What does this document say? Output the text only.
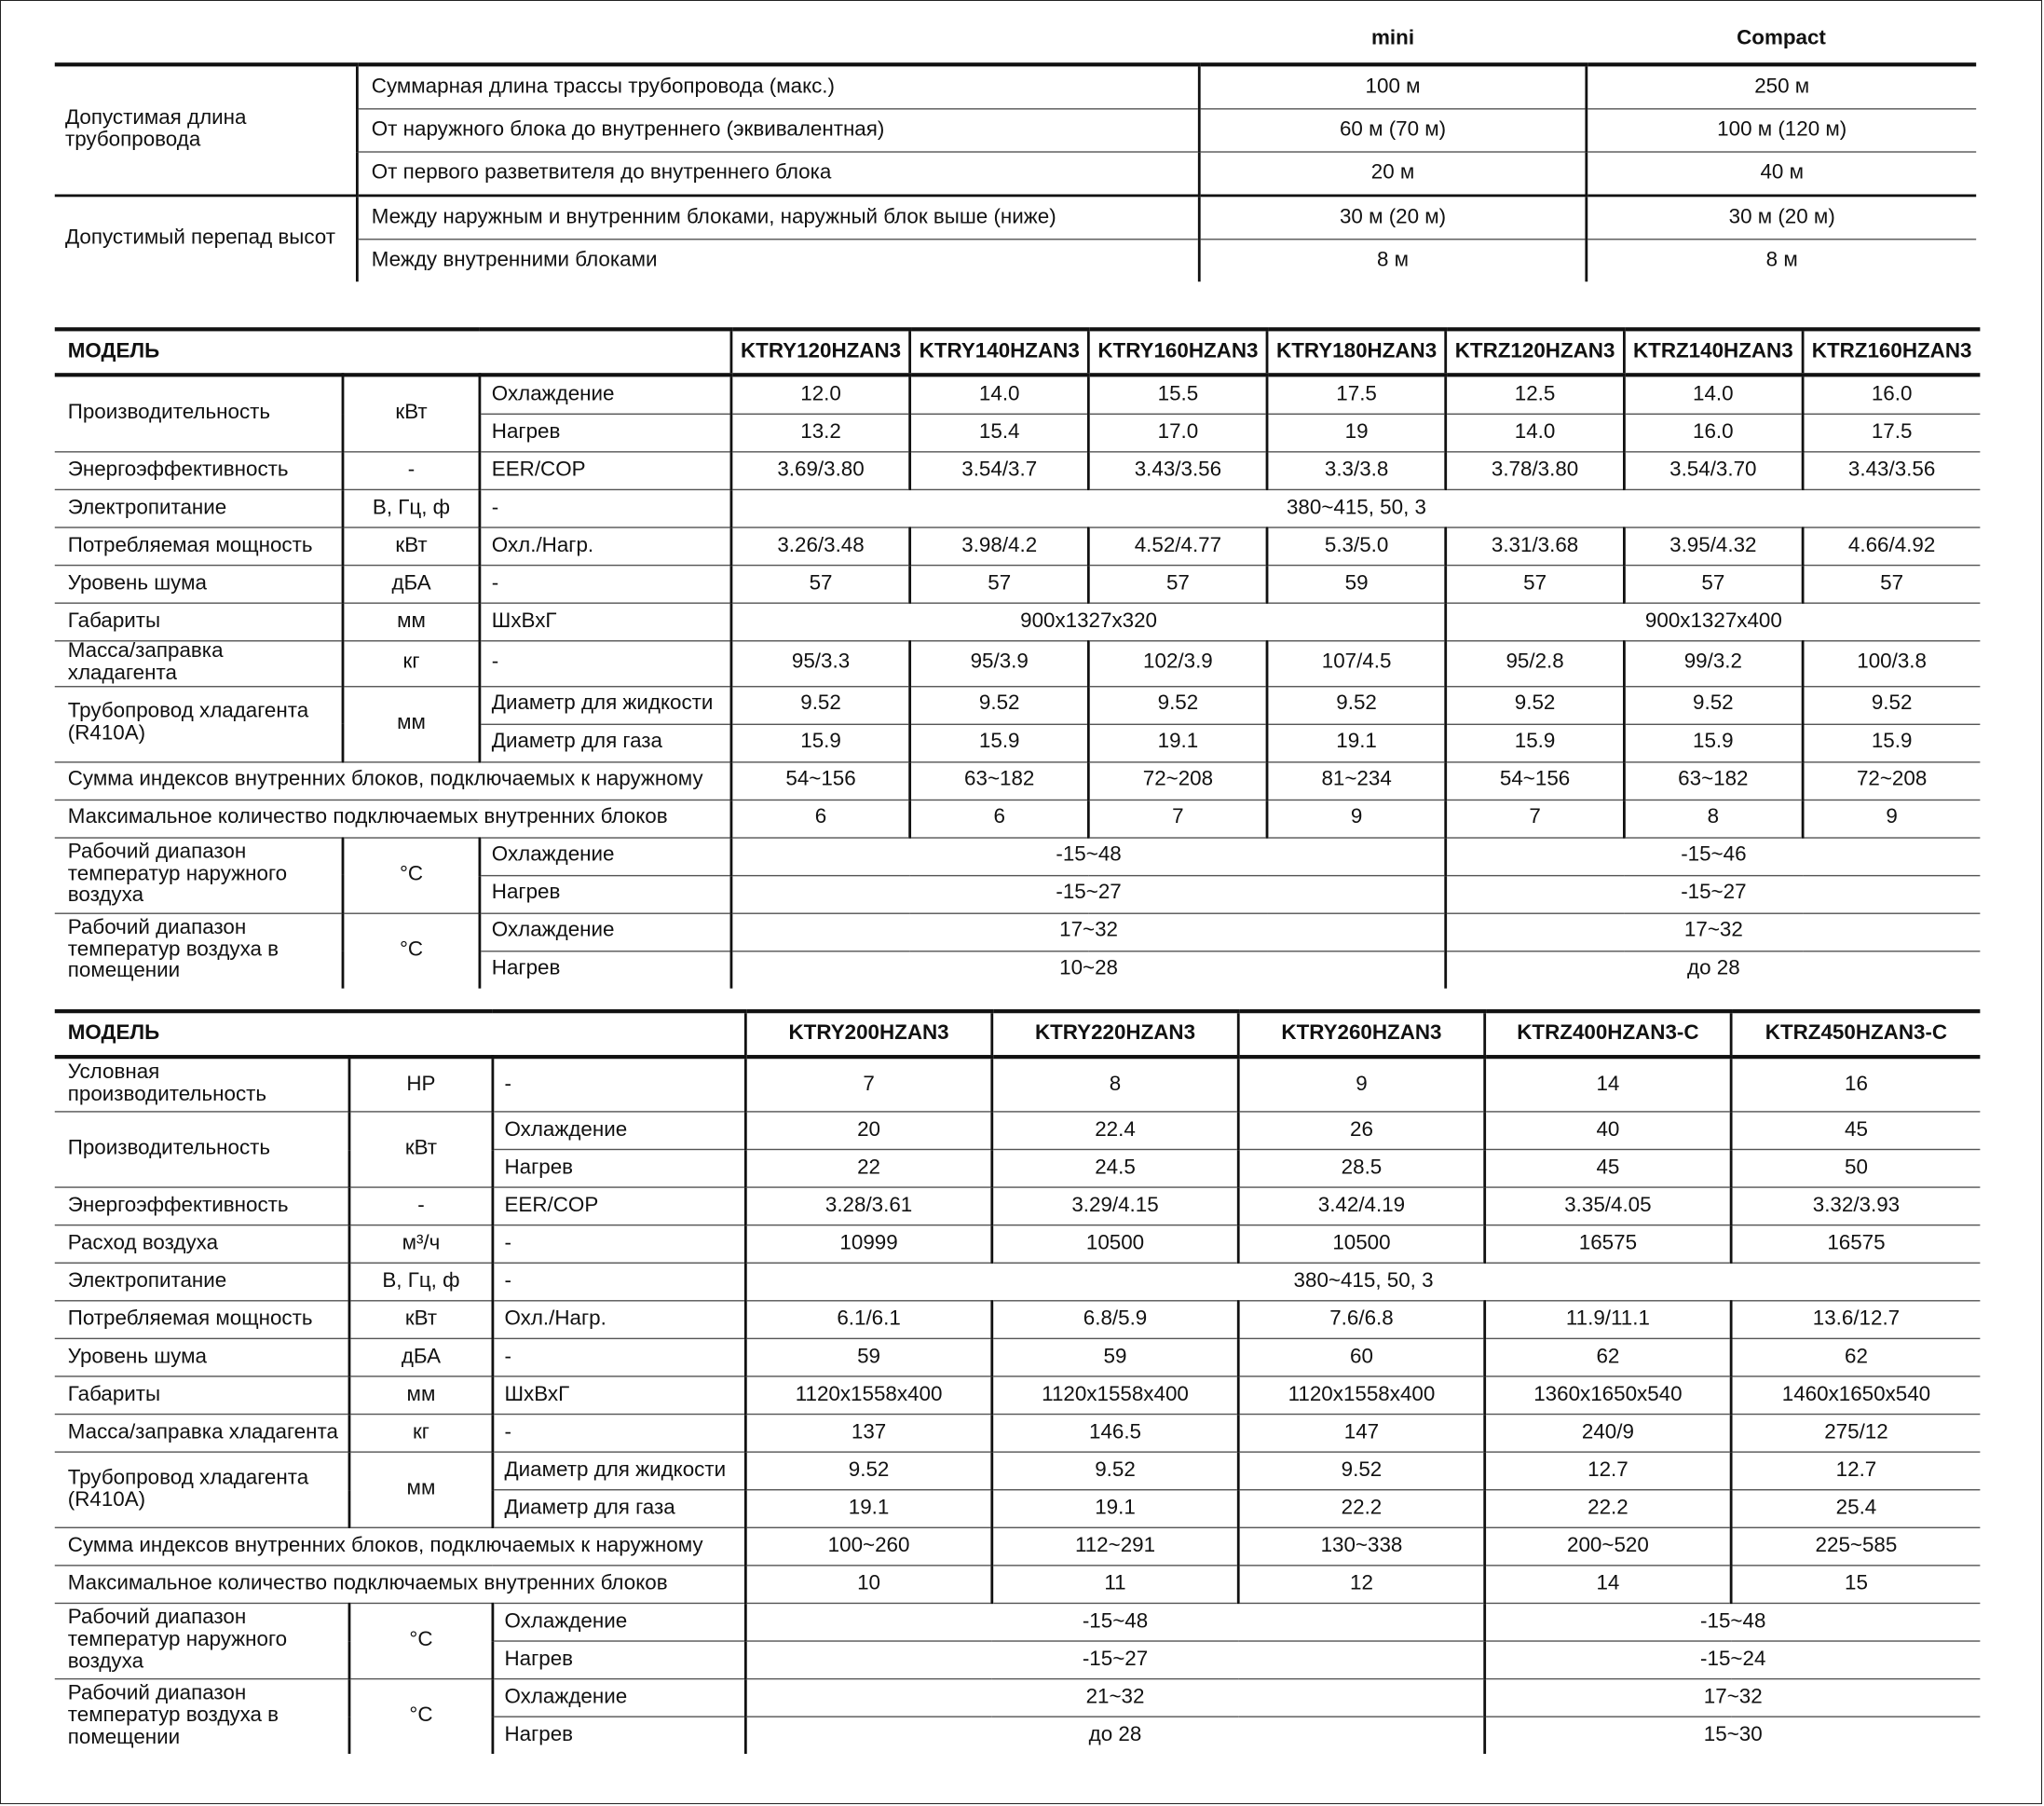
		mini	Compact
Допустимая длина трубопровода	Суммарная длина трассы трубопровода (макс.)	100 м	250 м
	От наружного блока до внутреннего (эквивалентная)	60 м (70 м)	100 м (120 м)
	От первого разветвителя до внутреннего блока	20 м	40 м
Допустимый перепад высот	Между наружным и внутренним блоками, наружный блок выше (ниже)	30 м (20 м)	30 м (20 м)
	Между внутренними блоками	8 м	8 м
МОДЕЛЬ			KTRY120HZAN3	KTRY140HZAN3	KTRY160HZAN3	KTRY180HZAN3	KTRZ120HZAN3	KTRZ140HZAN3	KTRZ160HZAN3
Производительность	кВт	Охлаждение	12.0	14.0	15.5	17.5	12.5	14.0	16.0
		Нагрев	13.2	15.4	17.0	19	14.0	16.0	17.5
Энергоэффективность	-	EER/COP	3.69/3.80	3.54/3.7	3.43/3.56	3.3/3.8	3.78/3.80	3.54/3.70	3.43/3.56
Электропитание	В, Гц, ф	-	380~415, 50, 3						
Потребляемая мощность	кВт	Охл./Нагр.	3.26/3.48	3.98/4.2	4.52/4.77	5.3/5.0	3.31/3.68	3.95/4.32	4.66/4.92
Уровень шума	дБА	-	57	57	57	59	57	57	57
Габариты	мм	ШхВхГ	900x1327x320				900x1327x400		
Масса/заправка хладагента	кг	-	95/3.3	95/3.9	102/3.9	107/4.5	95/2.8	99/3.2	100/3.8
Трубопровод хладагента (R410A)	мм	Диаметр для жидкости	9.52	9.52	9.52	9.52	9.52	9.52	9.52
		Диаметр для газа	15.9	15.9	19.1	19.1	15.9	15.9	15.9
Сумма индексов внутренних блоков, подключаемых к наружному			54~156	63~182	72~208	81~234	54~156	63~182	72~208
Максимальное количество подключаемых внутренних блоков			6	6	7	9	7	8	9
Рабочий диапазон температур наружного воздуха	°C	Охлаждение	-15~48				-15~46		
		Нагрев	-15~27				-15~27		
Рабочий диапазон температур воздуха в помещении	°C	Охлаждение	17~32				17~32		
		Нагрев	10~28				до 28		
МОДЕЛЬ			KTRY200HZAN3	KTRY220HZAN3	KTRY260HZAN3	KTRZ400HZAN3-C	KTRZ450HZAN3-C
Условная производительность	HP	-	7	8	9	14	16
Производительность	кВт	Охлаждение	20	22.4	26	40	45
		Нагрев	22	24.5	28.5	45	50
Энергоэффективность	-	EER/COP	3.28/3.61	3.29/4.15	3.42/4.19	3.35/4.05	3.32/3.93
Расход воздуха	м³/ч	-	10999	10500	10500	16575	16575
Электропитание	В, Гц, ф	-	380~415, 50, 3				
Потребляемая мощность	кВт	Охл./Нагр.	6.1/6.1	6.8/5.9	7.6/6.8	11.9/11.1	13.6/12.7
Уровень шума	дБА	-	59	59	60	62	62
Габариты	мм	ШхВхГ	1120x1558x400	1120x1558x400	1120x1558x400	1360x1650x540	1460x1650x540
Масса/заправка хладагента	кг	-	137	146.5	147	240/9	275/12
Трубопровод хладагента (R410A)	мм	Диаметр для жидкости	9.52	9.52	9.52	12.7	12.7
		Диаметр для газа	19.1	19.1	22.2	22.2	25.4
Сумма индексов внутренних блоков, подключаемых к наружному			100~260	112~291	130~338	200~520	225~585
Максимальное количество подключаемых внутренних блоков			10	11	12	14	15
Рабочий диапазон температур наружного воздуха	°C	Охлаждение	-15~48			-15~48	
		Нагрев	-15~27			-15~24	
Рабочий диапазон температур воздуха в помещении	°C	Охлаждение	21~32			17~32	
		Нагрев	до 28			15~30	
